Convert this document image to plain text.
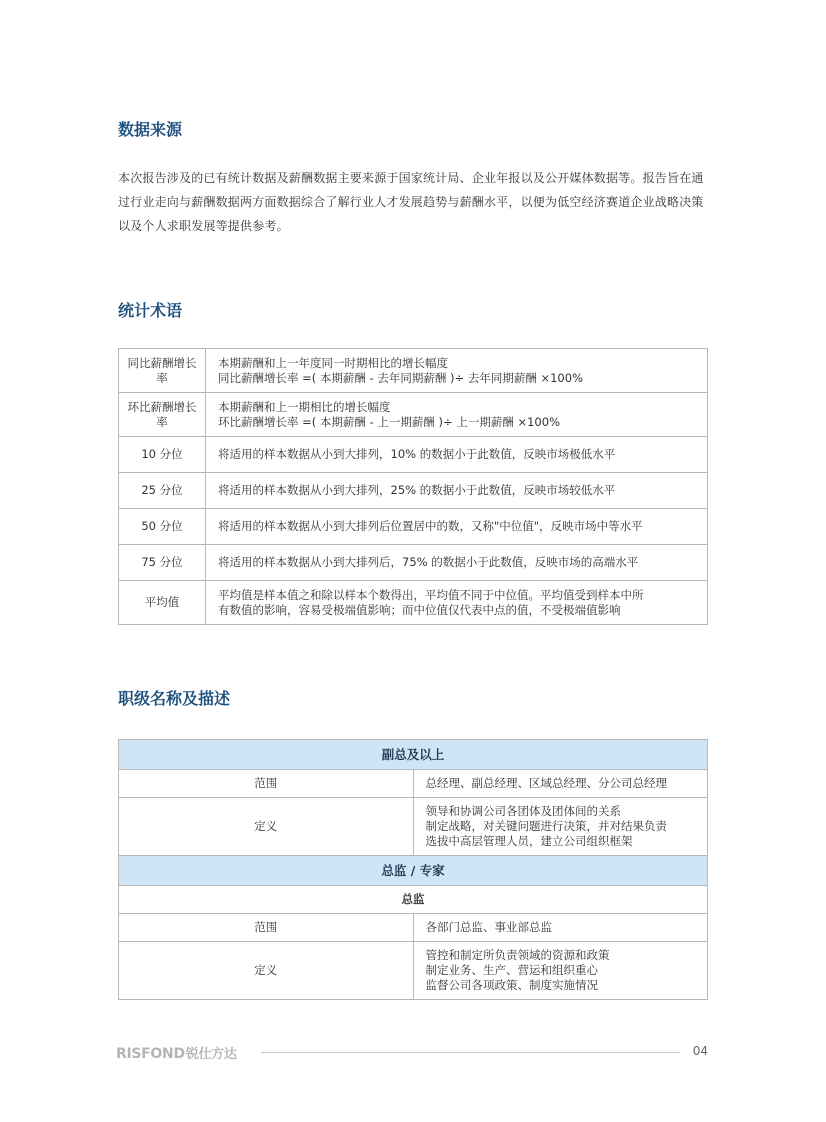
数据来源

本次报告涉及的已有统计数据及薪酬数据主要来源于国家统计局、企业年报以及公开媒体数据等。报告旨在通过行业走向与薪酬数据两方面数据综合了解行业人才发展趋势与薪酬水平，以便为低空经济赛道企业战略决策以及个人求职发展等提供参考。

统计术语
同比薪酬增长率	本期薪酬和上一年度同一时期相比的增长幅度
同比薪酬增长率 =( 本期薪酬 - 去年同期薪酬 )÷ 去年同期薪酬 ×100%

环比薪酬增长率	本期薪酬和上一期相比的增长幅度
环比薪酬增长率 =( 本期薪酬 - 上一期薪酬 )÷ 上一期薪酬 ×100%

10 分位	将适用的样本数据从小到大排列，10% 的数据小于此数值，反映市场极低水平
25 分位	将适用的样本数据从小到大排列，25% 的数据小于此数值，反映市场较低水平
50 分位	将适用的样本数据从小到大排列后位置居中的数，又称"中位值"，反映市场中等水平
75 分位	将适用的样本数据从小到大排列后，75% 的数据小于此数值，反映市场的高端水平
平均值	平均值是样本值之和除以样本个数得出，平均值不同于中位值。平均值受到样本中所
有数值的影响，容易受极端值影响；而中位值仅代表中点的值，不受极端值影响
职级名称及描述
副总及以上	
范围	总经理、副总经理、区域总经理、分公司总经理
定义	领导和协调公司各团体及团体间的关系
制定战略，对关键问题进行决策，并对结果负责
选拔中高层管理人员，建立公司组织框架

总监 / 专家	
总监	
范围	各部门总监、事业部总监
定义	管控和制定所负责领域的资源和政策
制定业务、生产、营运和组织重心
监督公司各项政策、制度实施情况
RISFOND锐仕方达	04
